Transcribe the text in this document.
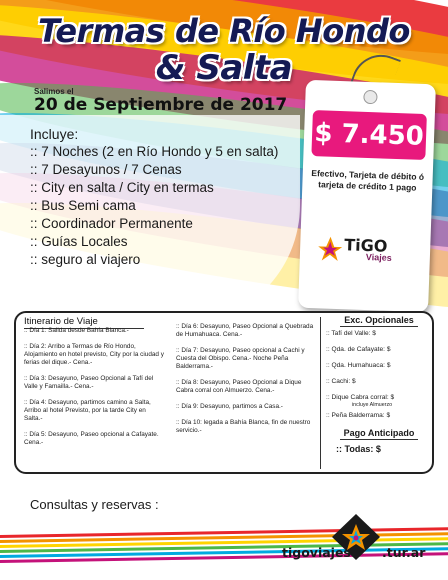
Termas de Río Hondo
& Salta
Salimos el
20 de Septiembre de 2017
Incluye:
:: 7 Noches (2 en Río Hondo y 5 en salta)
:: 7 Desayunos / 7 Cenas
:: City en salta / City en termas
:: Bus Semi cama
:: Coordinador Permanente
:: Guías Locales
:: seguro al viajero
$ 7.450
Efectivo, Tarjeta de débito ó tarjeta de crédito 1 pago
TiGO
Viajes
Itinerario de Viaje
:: Día 1: Salida desde Bahía Blanca.-
:: Día 2: Arribo a Termas de Río Hondo, Alojamiento en hotel previsto, City por la ciudad y ferias del dique.- Cena.-
:: Día 3: Desayuno, Paseo Opcional a Tafí del Valle y Famailla.- Cena.-
:: Día 4: Desayuno, partimos camino a Salta, Arribo al hotel Previsto, por la tarde City en Salta.-
:: Día 5: Desayuno, Paseo opcional a Cafayate. Cena.-
:: Día 6: Desayuno, Paseo Opcional a Quebrada de Humahuaca. Cena.-
:: Día 7: Desayuno, Paseo opcional a Cachi y Cuesta del Obispo. Cena.- Noche Peña Balderrama.-
:: Día 8: Desayuno, Paseo Opcional a Dique Cabra corral con Almuerzo. Cena.-
:: Día 9: Desayuno, partimos a Casa.-
:: Día 10: legada a Bahía Blanca, fin de nuestro servicio.-
Exc. Opcionales
:: Tafí del Valle: $
:: Qda. de Cafayate: $
:: Qda. Humahuaca: $
:: Cachi: $
:: Dique Cabra corral: $
incluye Almuerzo
:: Peña Balderrama: $
Pago Anticipado
:: Todas: $
Consultas y reservas :
tigoviajes .tur.ar
